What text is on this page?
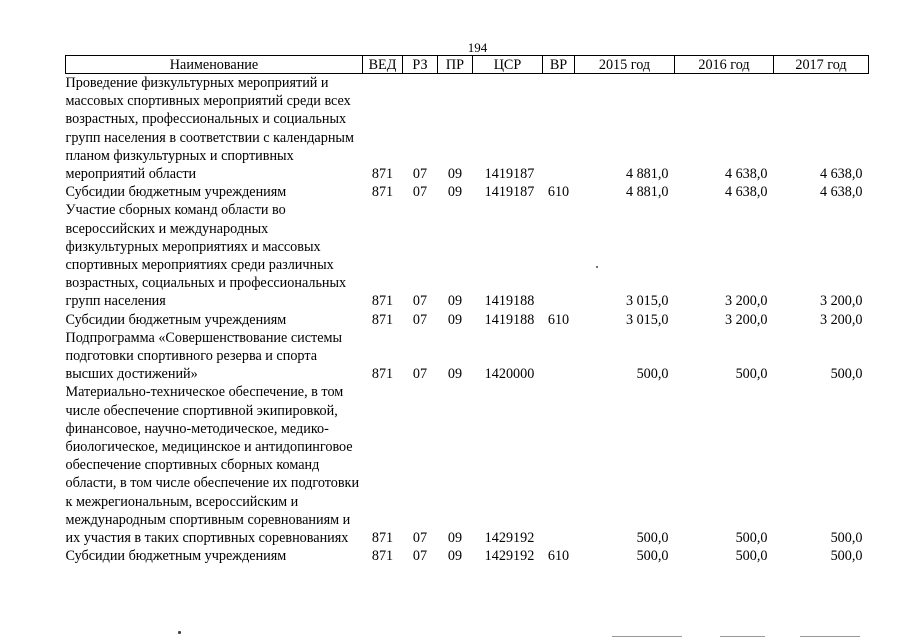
194
Наименование	ВЕД	РЗ	ПР	ЦСР	ВР	2015 год	2016 год	2017 год
Проведение физкультурных мероприятий и массовых спортивных мероприятий среди всех возрастных, профессиональных и социальных групп населения в соответствии с календарным планом физкультурных и спортивных мероприятий области	871	07	09	1419187		4 881,0	4 638,0	4 638,0
Субсидии бюджетным учреждениям	871	07	09	1419187	610	4 881,0	4 638,0	4 638,0
Участие сборных команд области во всероссийских и международных физкультурных мероприятиях и массовых спортивных мероприятиях среди различных возрастных, социальных и профессиональных групп населения	871	07	09	1419188		3 015,0	3 200,0	3 200,0
Субсидии бюджетным учреждениям	871	07	09	1419188	610	3 015,0	3 200,0	3 200,0
Подпрограмма «Совершенствование системы подготовки спортивного резерва и спорта высших достижений»	871	07	09	1420000		500,0	500,0	500,0
Материально-техническое обеспечение, в том числе обеспечение спортивной экипировкой, финансовое, научно-методическое, медико-биологическое, медицинское и антидопинговое обеспечение спортивных сборных команд области, в том числе обеспечение их подготовки к межрегиональным, всероссийским и международным спортивным соревнованиям и их участия в таких спортивных соревнованиях	871	07	09	1429192		500,0	500,0	500,0
Субсидии бюджетным учреждениям	871	07	09	1429192	610	500,0	500,0	500,0
